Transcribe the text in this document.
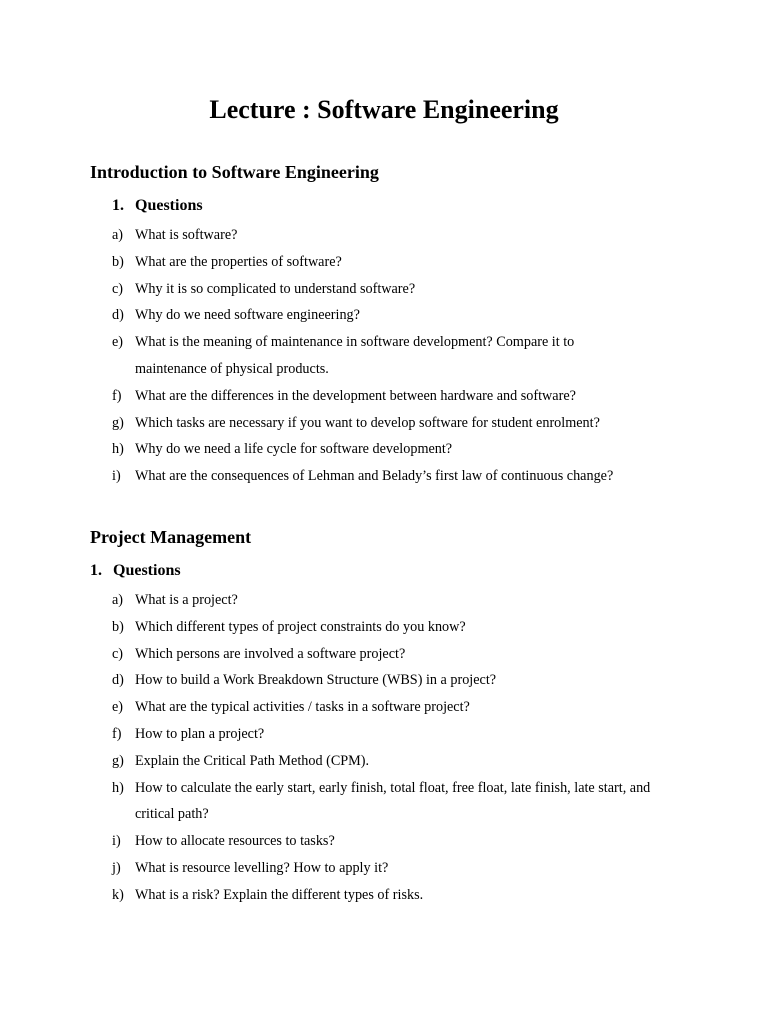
Lecture : Software Engineering
Introduction to Software Engineering
1. Questions
a) What is software?
b) What are the properties of software?
c) Why it is so complicated to understand software?
d) Why do we need software engineering?
e) What is the meaning of maintenance in software development? Compare it to maintenance of physical products.
f) What are the differences in the development between hardware and software?
g) Which tasks are necessary if you want to develop software for student enrolment?
h) Why do we need a life cycle for software development?
i) What are the consequences of Lehman and Belady’s first law of continuous change?
Project Management
1. Questions
a) What is a project?
b) Which different types of project constraints do you know?
c) Which persons are involved a software project?
d) How to build a Work Breakdown Structure (WBS) in a project?
e) What are the typical activities / tasks in a software project?
f) How to plan a project?
g) Explain the Critical Path Method (CPM).
h) How to calculate the early start, early finish, total float, free float, late finish, late start, and critical path?
i) How to allocate resources to tasks?
j) What is resource levelling? How to apply it?
k) What is a risk? Explain the different types of risks.
